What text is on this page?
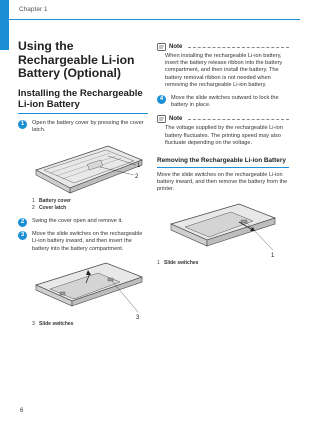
Chapter 1
Using the Rechargeable Li-ion Battery (Optional)
Installing the Rechargeable Li-ion Battery
1	Open the battery cover by pressing the cover latch.
1
2
1 Battery cover
2 Cover latch
2	Swing the cover open and remove it.
3	Move the slide switches on the rechargeable Li-ion battery inward, and then insert the battery into the battery compartment.
3
3 Slide switches
Note
When installing the rechargeable Li-ion battery, insert the battery release ribbon into the battery compartment, and then install the battery. The battery removal ribbon is not needed when removing the rechargeable Li-ion battery.
4	Move the slide switches outward to lock the battery in place.
Note
The voltage supplied by the rechargeable Li-ion battery fluctuates. The printing speed may also fluctuate depending on the voltage.
Removing the Rechargeable Li-ion Battery
Move the slide switches on the rechargeable Li-ion battery inward, and then remove the battery from the printer.
1
1 Slide switches
6
